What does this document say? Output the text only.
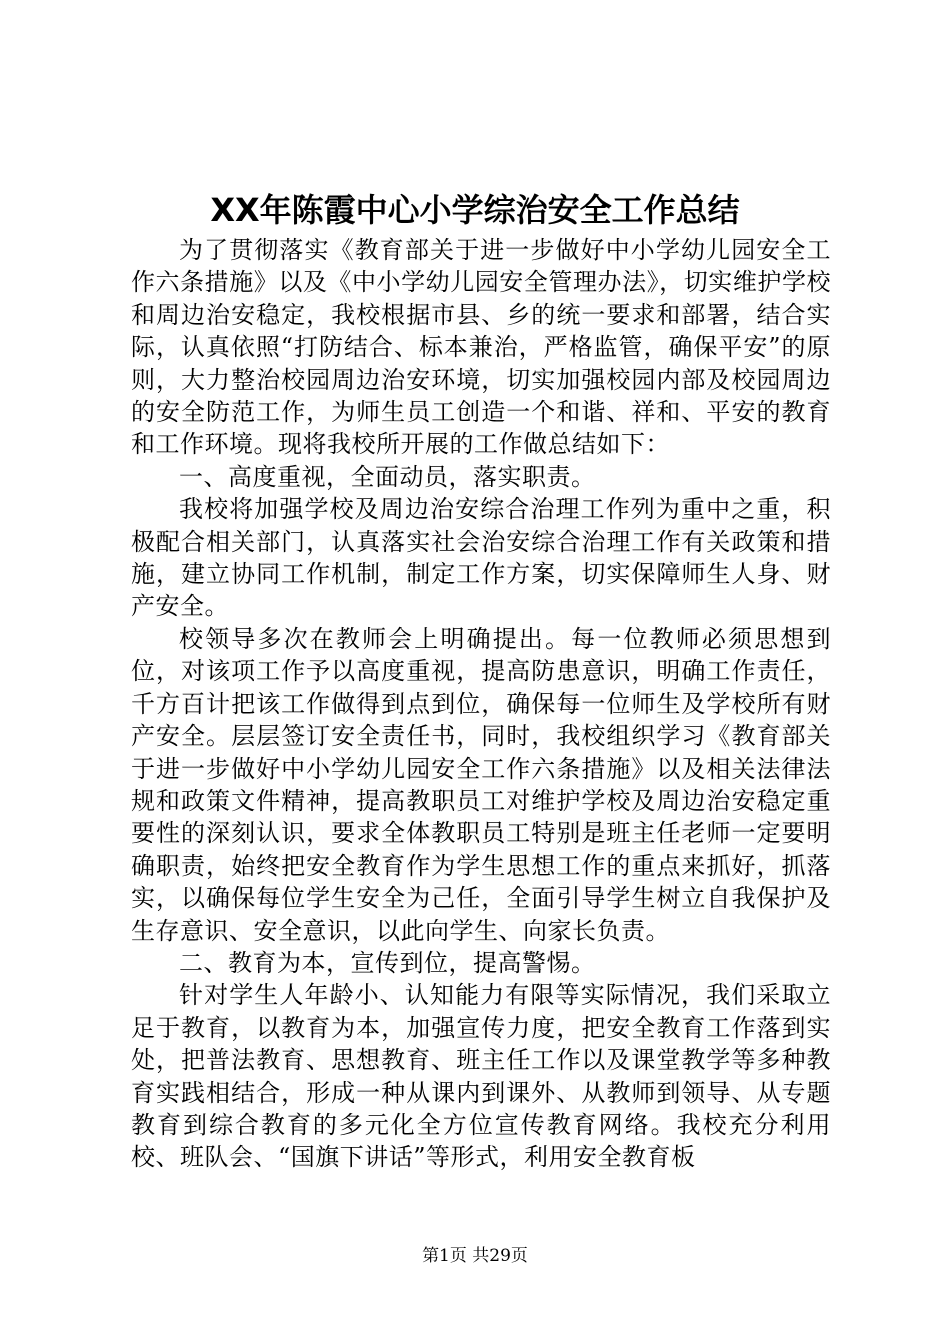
XX年陈霞中心小学综治安全工作总结

为了贯彻落实《教育部关于进一步做好中小学幼儿园安全工作六条措施》以及《中小学幼儿园安全管理办法》，切实维护学校和周边治安稳定，我校根据市县、乡的统一要求和部署，结合实际，认真依照“打防结合、标本兼治，严格监管，确保平安”的原则，大力整治校园周边治安环境，切实加强校园内部及校园周边的安全防范工作，为师生员工创造一个和谐、祥和、平安的教育和工作环境。现将我校所开展的工作做总结如下：

一、高度重视，全面动员，落实职责。

我校将加强学校及周边治安综合治理工作列为重中之重，积极配合相关部门，认真落实社会治安综合治理工作有关政策和措施，建立协同工作机制，制定工作方案，切实保障师生人身、财产安全。

校领导多次在教师会上明确提出。每一位教师必须思想到位，对该项工作予以高度重视，提高防患意识，明确工作责任，千方百计把该工作做得到点到位，确保每一位师生及学校所有财产安全。层层签订安全责任书，同时，我校组织学习《教育部关于进一步做好中小学幼儿园安全工作六条措施》以及相关法律法规和政策文件精神，提高教职员工对维护学校及周边治安稳定重要性的深刻认识，要求全体教职员工特别是班主任老师一定要明确职责，始终把安全教育作为学生思想工作的重点来抓好，抓落实，以确保每位学生安全为己任，全面引导学生树立自我保护及生存意识、安全意识，以此向学生、向家长负责。

二、教育为本，宣传到位，提高警惕。

针对学生人年龄小、认知能力有限等实际情况，我们采取立足于教育，以教育为本，加强宣传力度，把安全教育工作落到实处，把普法教育、思想教育、班主任工作以及课堂教学等多种教育实践相结合，形成一种从课内到课外、从教师到领导、从专题教育到综合教育的多元化全方位宣传教育网络。我校充分利用校、班队会、“国旗下讲话”等形式，利用安全教育板

第1页 共29页
